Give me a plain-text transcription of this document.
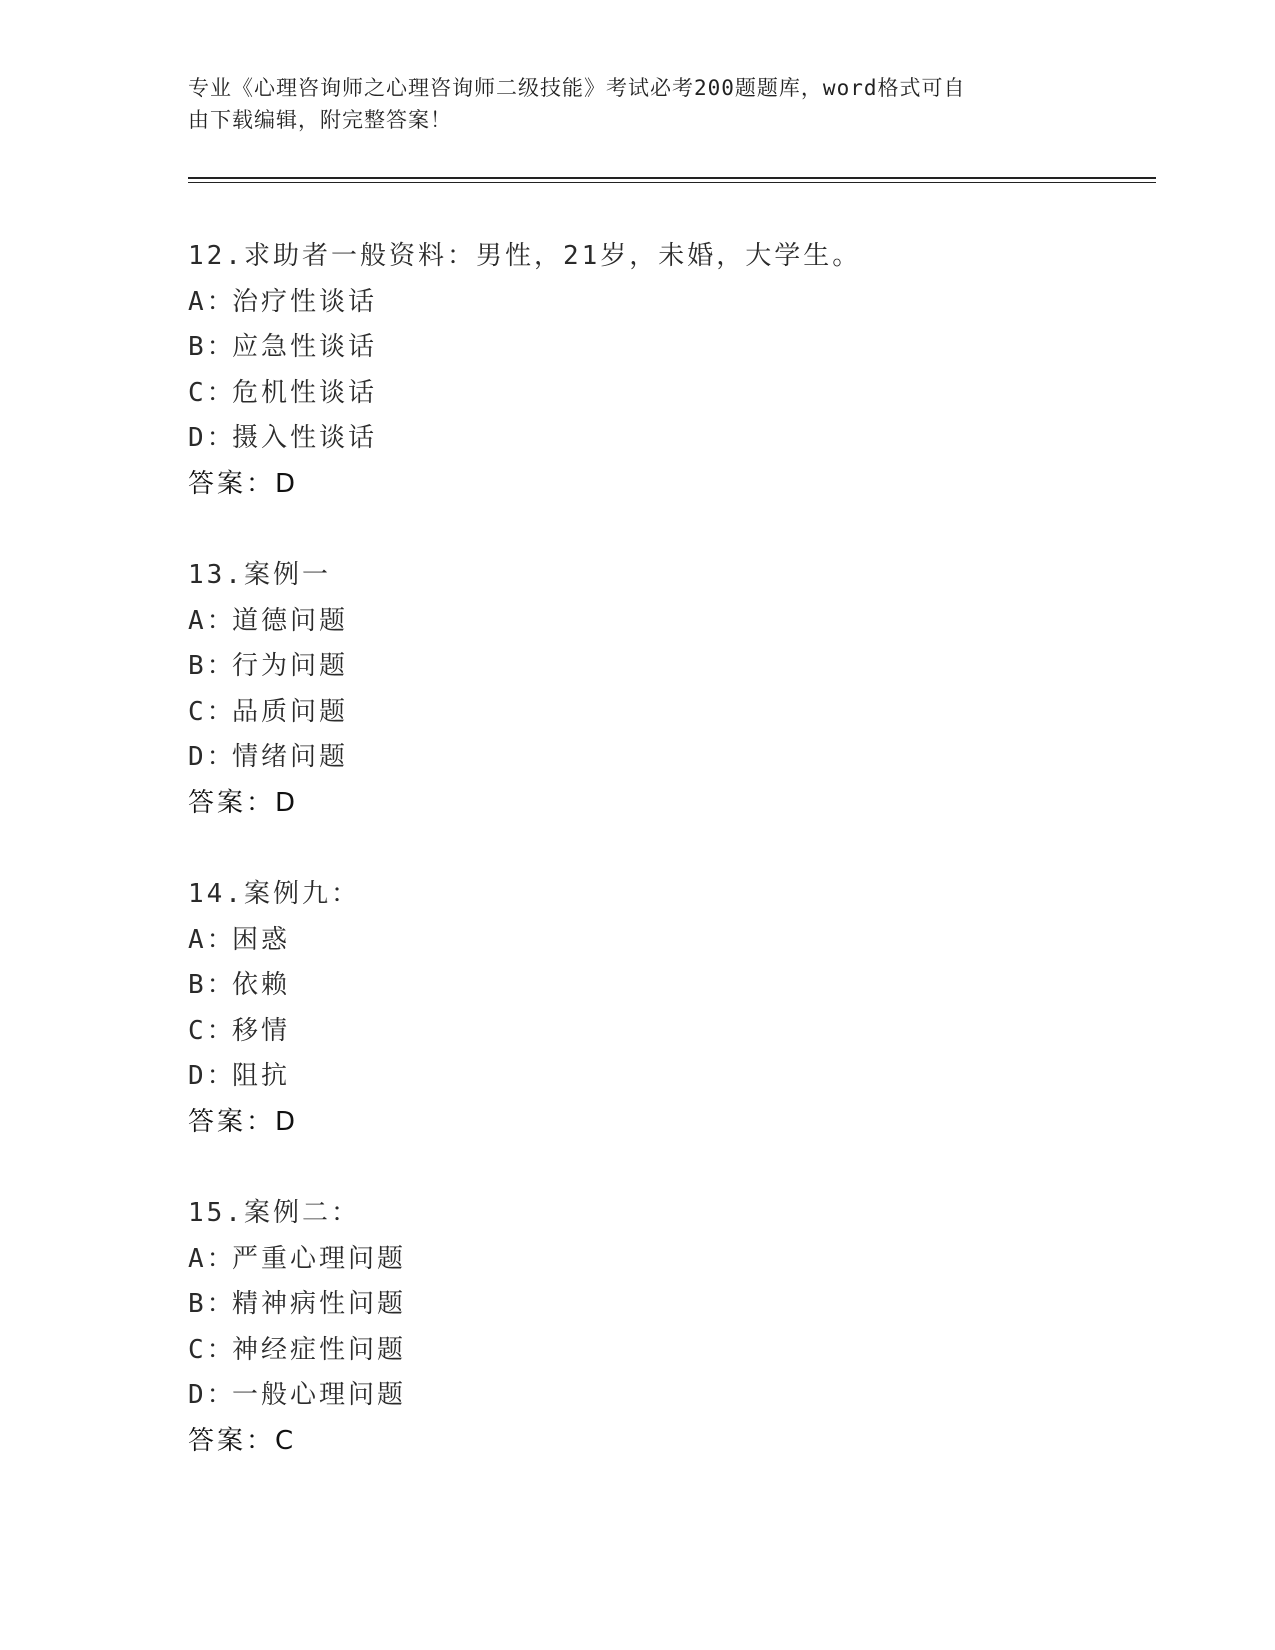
专业《心理咨询师之心理咨询师二级技能》考试必考200题题库，word格式可自
由下载编辑，附完整答案！
12.求助者一般资料：男性，21岁，未婚，大学生。
A：治疗性谈话
B：应急性谈话
C：危机性谈话
D：摄入性谈话
答案：D
13.案例一
A：道德问题
B：行为问题
C：品质问题
D：情绪问题
答案：D
14.案例九：
A：困惑
B：依赖
C：移情
D：阻抗
答案：D
15.案例二：
A：严重心理问题
B：精神病性问题
C：神经症性问题
D：一般心理问题
答案：C
